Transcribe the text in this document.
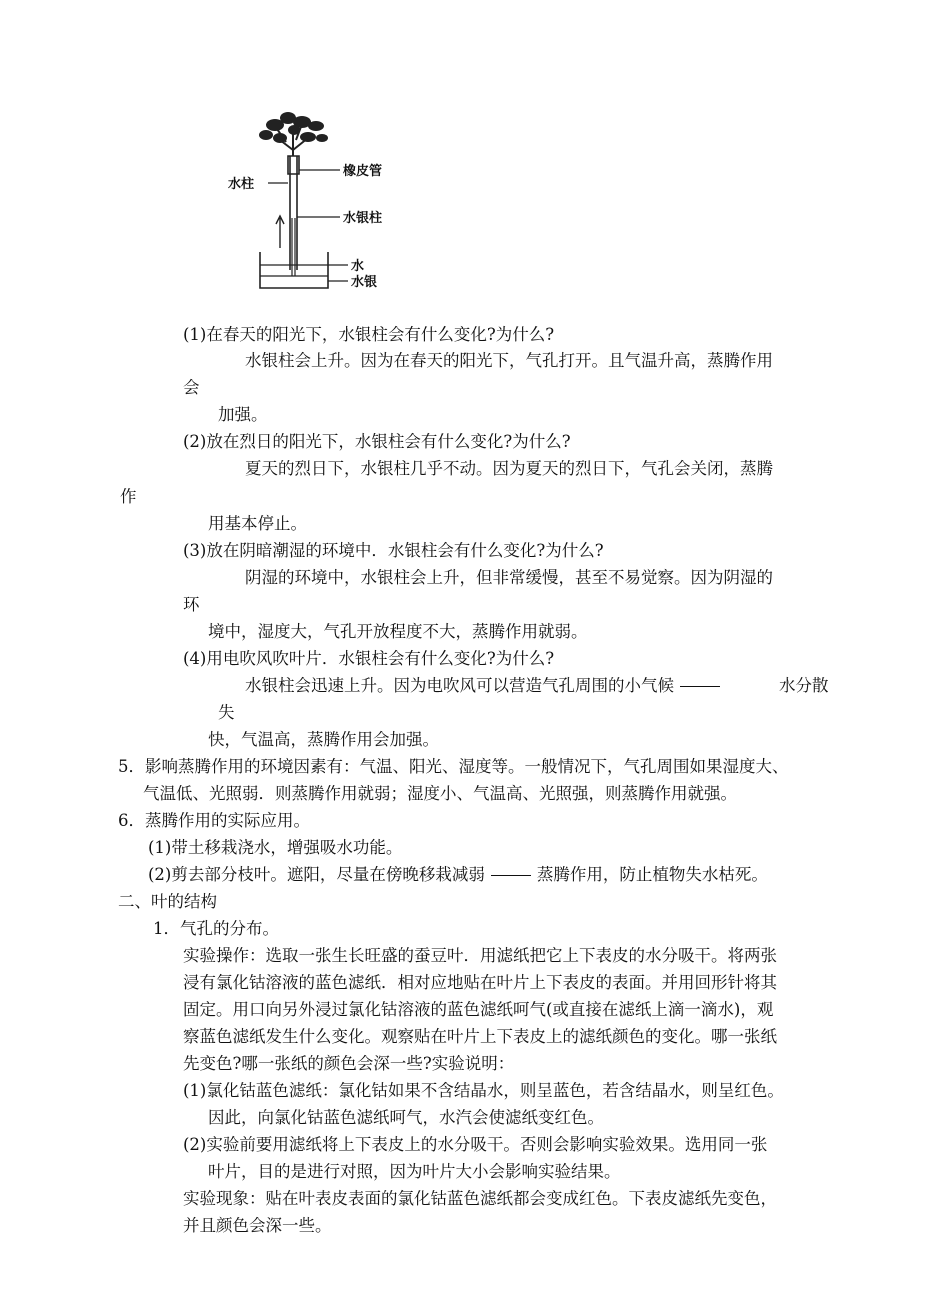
水柱
橡皮管
水银柱
水
水银
(1)在春天的阳光下，水银柱会有什么变化?为什么?
水银柱会上升。因为在春天的阳光下，气孔打开。且气温升高，蒸腾作用
会
加强。
(2)放在烈日的阳光下，水银柱会有什么变化?为什么?
夏天的烈日下，水银柱几乎不动。因为夏天的烈日下，气孔会关闭，蒸腾
作
用基本停止。
(3)放在阴暗潮湿的环境中．水银柱会有什么变化?为什么?
阴湿的环境中，水银柱会上升，但非常缓慢，甚至不易觉察。因为阴湿的
环
境中，湿度大，气孔开放程度不大，蒸腾作用就弱。
(4)用电吹风吹叶片．水银柱会有什么变化?为什么?
水银柱会迅速上升。因为电吹风可以营造气孔周围的小气候	水分散
失
快，气温高，蒸腾作用会加强。
5．影响蒸腾作用的环境因素有：气温、阳光、湿度等。一般情况下，气孔周围如果湿度大、
气温低、光照弱．则蒸腾作用就弱；湿度小、气温高、光照强，则蒸腾作用就强。
6．蒸腾作用的实际应用。
(1)带土移栽浇水，增强吸水功能。
(2)剪去部分枝叶。遮阳，尽量在傍晚移栽减弱	蒸腾作用，防止植物失水枯死。
二、叶的结构
1．气孔的分布。
实验操作：选取一张生长旺盛的蚕豆叶．用滤纸把它上下表皮的水分吸干。将两张
浸有氯化钴溶液的蓝色滤纸．相对应地贴在叶片上下表皮的表面。并用回形针将其
固定。用口向另外浸过氯化钴溶液的蓝色滤纸呵气(或直接在滤纸上滴一滴水)，观
察蓝色滤纸发生什么变化。观察贴在叶片上下表皮上的滤纸颜色的变化。哪一张纸
先变色?哪一张纸的颜色会深一些?实验说明：
(1)氯化钴蓝色滤纸：氯化钴如果不含结晶水，则呈蓝色，若含结晶水，则呈红色。
因此，向氯化钴蓝色滤纸呵气，水汽会使滤纸变红色。
(2)实验前要用滤纸将上下表皮上的水分吸干。否则会影响实验效果。选用同一张
叶片，目的是进行对照，因为叶片大小会影响实验结果。
实验现象：贴在叶表皮表面的氯化钴蓝色滤纸都会变成红色。下表皮滤纸先变色，
并且颜色会深一些。
